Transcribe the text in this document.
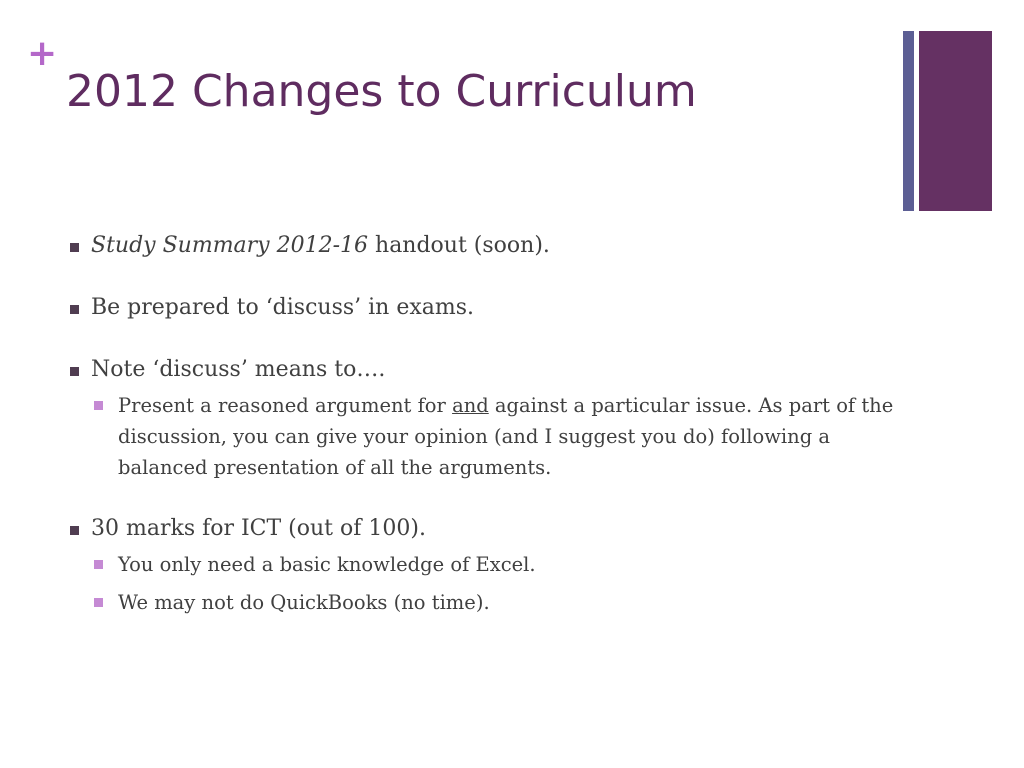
+
2012 Changes to Curriculum
Study Summary 2012-16 handout (soon).
Be prepared to ‘discuss’ in exams.
Note ‘discuss’ means to….
Present a reasoned argument for and against a particular issue. As part of the discussion, you can give your opinion (and I suggest you do) following a balanced presentation of all the arguments.
30 marks for ICT (out of 100).
You only need a basic knowledge of Excel.
We may not do QuickBooks (no time).
